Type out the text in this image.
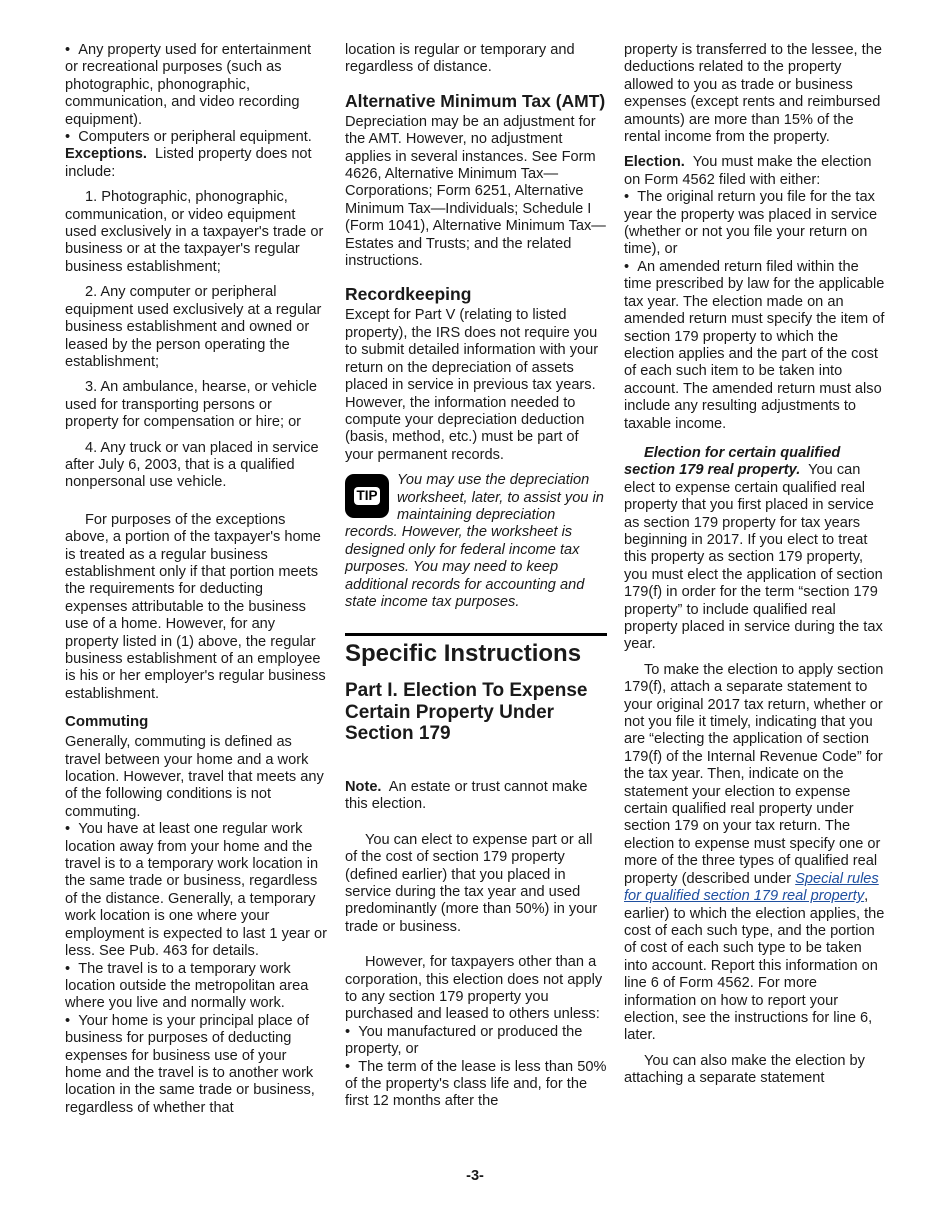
•  Any property used for entertainment or recreational purposes (such as photographic, phonographic, communication, and video recording equipment).

•  Computers or peripheral equipment.

Exceptions. Listed property does not include:

1. Photographic, phonographic, communication, or video equipment used exclusively in a taxpayer's trade or business or at the taxpayer's regular business establishment;

2. Any computer or peripheral equipment used exclusively at a regular business establishment and owned or leased by the person operating the establishment;

3. An ambulance, hearse, or vehicle used for transporting persons or property for compensation or hire; or

4. Any truck or van placed in service after July 6, 2003, that is a qualified nonpersonal use vehicle.

For purposes of the exceptions above, a portion of the taxpayer's home is treated as a regular business establishment only if that portion meets the requirements for deducting expenses attributable to the business use of a home. However, for any property listed in (1) above, the regular business establishment of an employee is his or her employer's regular business establishment.

Commuting

Generally, commuting is defined as travel between your home and a work location. However, travel that meets any of the following conditions is not commuting.

•  You have at least one regular work location away from your home and the travel is to a temporary work location in the same trade or business, regardless of the distance. Generally, a temporary work location is one where your employment is expected to last 1 year or less. See Pub. 463 for details.

•  The travel is to a temporary work location outside the metropolitan area where you live and normally work.

•  Your home is your principal place of business for purposes of deducting expenses for business use of your home and the travel is to another work location in the same trade or business, regardless of whether that

location is regular or temporary and regardless of distance.

Alternative Minimum Tax (AMT)

Depreciation may be an adjustment for the AMT. However, no adjustment applies in several instances. See Form 4626, Alternative Minimum Tax—Corporations; Form 6251, Alternative Minimum Tax—Individuals; Schedule I (Form 1041), Alternative Minimum Tax—Estates and Trusts; and the related instructions.

Recordkeeping

Except for Part V (relating to listed property), the IRS does not require you to submit detailed information with your return on the depreciation of assets placed in service in previous tax years. However, the information needed to compute your depreciation deduction (basis, method, etc.) must be part of your permanent records.

TIP
You may use the depreciation worksheet, later, to assist you in maintaining depreciation records. However, the worksheet is designed only for federal income tax purposes. You may need to keep additional records for accounting and state income tax purposes.
Specific Instructions
Part I. Election To Expense Certain Property Under Section 179

Note. An estate or trust cannot make this election.

You can elect to expense part or all of the cost of section 179 property (defined earlier) that you placed in service during the tax year and used predominantly (more than 50%) in your trade or business.

However, for taxpayers other than a corporation, this election does not apply to any section 179 property you purchased and leased to others unless:

•  You manufactured or produced the property, or

•  The term of the lease is less than 50% of the property's class life and, for the first 12 months after the

property is transferred to the lessee, the deductions related to the property allowed to you as trade or business expenses (except rents and reimbursed amounts) are more than 15% of the rental income from the property.

Election. You must make the election on Form 4562 filed with either:

•  The original return you file for the tax year the property was placed in service (whether or not you file your return on time), or

•  An amended return filed within the time prescribed by law for the applicable tax year. The election made on an amended return must specify the item of section 179 property to which the election applies and the part of the cost of each such item to be taken into account. The amended return must also include any resulting adjustments to taxable income.

Election for certain qualified section 179 real property. You can elect to expense certain qualified real property that you first placed in service as section 179 property for tax years beginning in 2017. If you elect to treat this property as section 179 property, you must elect the application of section 179(f) in order for the term “section 179 property” to include qualified real property placed in service during the tax year.

To make the election to apply section 179(f), attach a separate statement to your original 2017 tax return, whether or not you file it timely, indicating that you are “electing the application of section 179(f) of the Internal Revenue Code” for the tax year. Then, indicate on the statement your election to expense certain qualified real property under section 179 on your tax return. The election to expense must specify one or more of the three types of qualified real property (described under Special rules for qualified section 179 real property, earlier) to which the election applies, the cost of each such type, and the portion of cost of each such type to be taken into account. Report this information on line 6 of Form 4562. For more information on how to report your election, see the instructions for line 6, later.

You can also make the election by attaching a separate statement

-3-
